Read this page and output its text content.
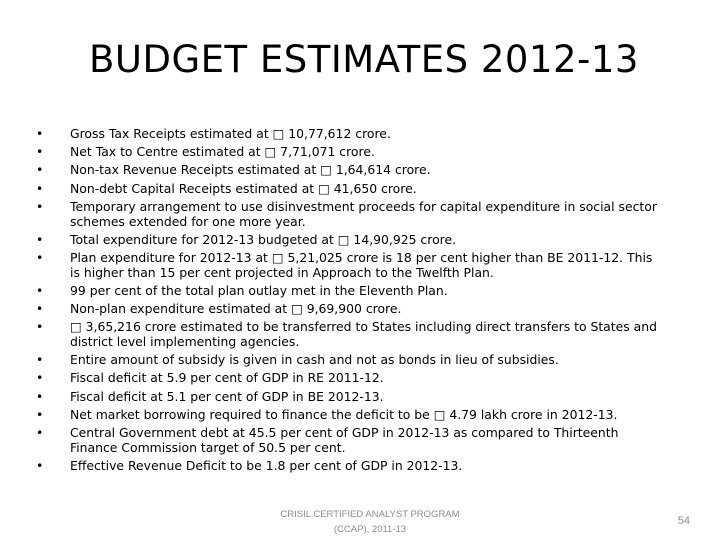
BUDGET ESTIMATES 2012-13
• Gross Tax Receipts estimated at □ 10,77,612 crore.
• Net Tax to Centre estimated at □ 7,71,071 crore.
• Non-tax Revenue Receipts estimated at □ 1,64,614 crore.
• Non-debt Capital Receipts estimated at □ 41,650 crore.
• Temporary arrangement to use disinvestment proceeds for capital expenditure in social sector schemes extended for one more year.
• Total expenditure for 2012-13 budgeted at □ 14,90,925 crore.
• Plan expenditure for 2012-13 at □ 5,21,025 crore is 18 per cent higher than BE 2011-12. This is higher than 15 per cent projected in Approach to the Twelfth Plan.
• 99 per cent of the total plan outlay met in the Eleventh Plan.
• Non-plan expenditure estimated at □ 9,69,900 crore.
• □ 3,65,216 crore estimated to be transferred to States including direct transfers to States and district level implementing agencies.
• Entire amount of subsidy is given in cash and not as bonds in lieu of subsidies.
• Fiscal deficit at 5.9 per cent of GDP in RE 2011-12.
• Fiscal deficit at 5.1 per cent of GDP in BE 2012-13.
• Net market borrowing required to finance the deficit to be □ 4.79 lakh crore in 2012-13.
• Central Government debt at 45.5 per cent of GDP in 2012-13 as compared to Thirteenth Finance Commission target of 50.5 per cent.
• Effective Revenue Deficit to be 1.8 per cent of GDP in 2012-13.
CRISIL CERTIFIED ANALYST PROGRAM
(CCAP), 2011-13
54
